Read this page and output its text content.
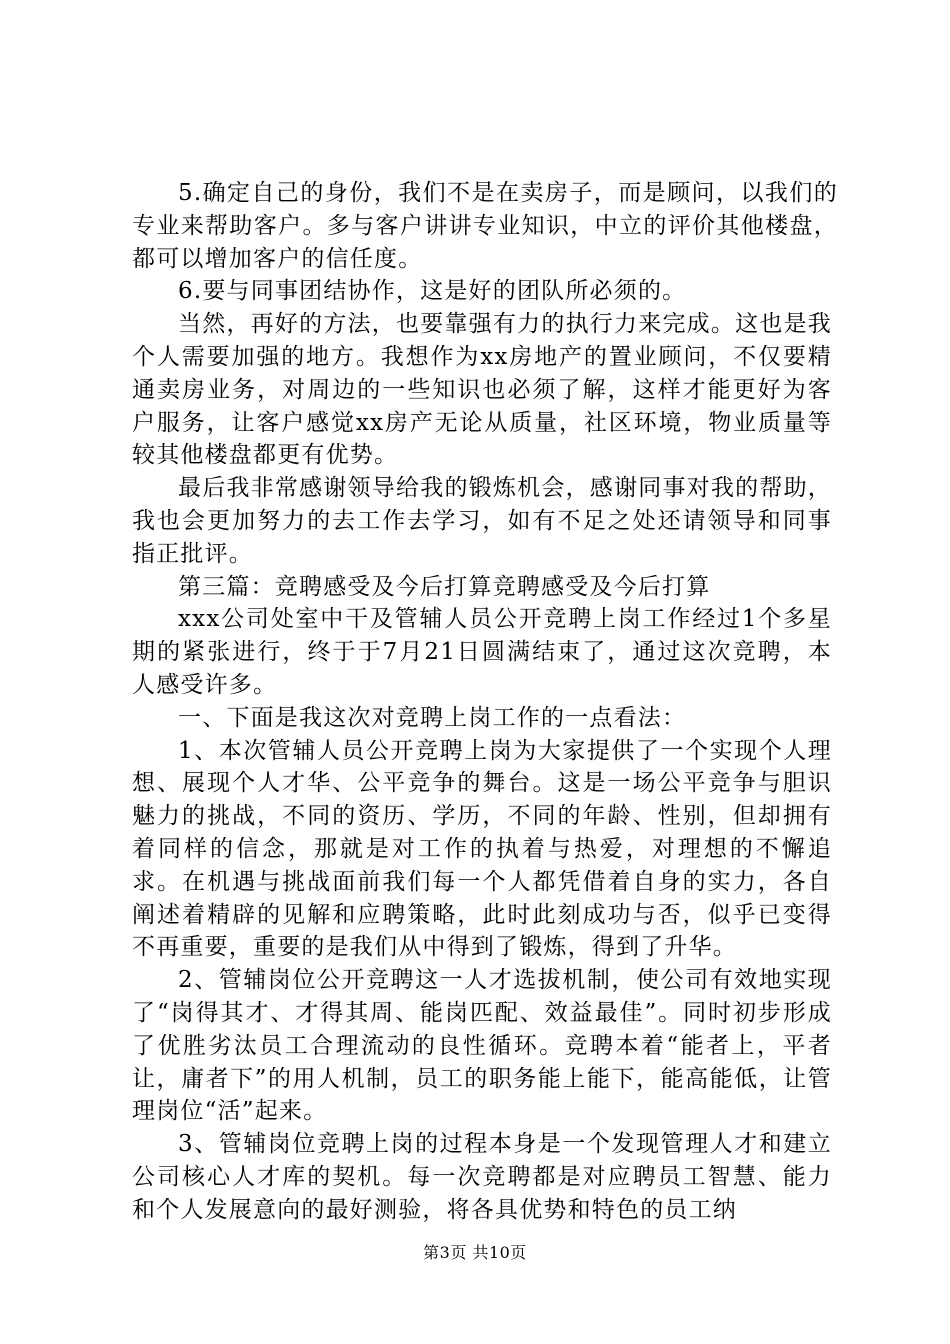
5.确定自己的身份，我们不是在卖房子，而是顾问，以我们的专业来帮助客户。多与客户讲讲专业知识，中立的评价其他楼盘，都可以增加客户的信任度。

6.要与同事团结协作，这是好的团队所必须的。

当然，再好的方法，也要靠强有力的执行力来完成。这也是我个人需要加强的地方。我想作为xx房地产的置业顾问，不仅要精通卖房业务，对周边的一些知识也必须了解，这样才能更好为客户服务，让客户感觉xx房产无论从质量，社区环境，物业质量等较其他楼盘都更有优势。

最后我非常感谢领导给我的锻炼机会，感谢同事对我的帮助，我也会更加努力的去工作去学习，如有不足之处还请领导和同事指正批评。

第三篇：竞聘感受及今后打算竞聘感受及今后打算

xxx公司处室中干及管辅人员公开竞聘上岗工作经过1个多星期的紧张进行，终于于7月21日圆满结束了，通过这次竞聘，本人感受许多。

一、下面是我这次对竞聘上岗工作的一点看法：

1、本次管辅人员公开竞聘上岗为大家提供了一个实现个人理想、展现个人才华、公平竞争的舞台。这是一场公平竞争与胆识魅力的挑战，不同的资历、学历，不同的年龄、性别，但却拥有着同样的信念，那就是对工作的执着与热爱，对理想的不懈追求。在机遇与挑战面前我们每一个人都凭借着自身的实力，各自阐述着精辟的见解和应聘策略，此时此刻成功与否，似乎已变得不再重要，重要的是我们从中得到了锻炼，得到了升华。

2、管辅岗位公开竞聘这一人才选拔机制，使公司有效地实现了“岗得其才、才得其周、能岗匹配、效益最佳”。同时初步形成了优胜劣汰员工合理流动的良性循环。竞聘本着“能者上，平者让，庸者下”的用人机制，员工的职务能上能下，能高能低，让管理岗位“活”起来。

3、管辅岗位竞聘上岗的过程本身是一个发现管理人才和建立公司核心人才库的契机。每一次竞聘都是对应聘员工智慧、能力和个人发展意向的最好测验，将各具优势和特色的员工纳

第3页 共10页
